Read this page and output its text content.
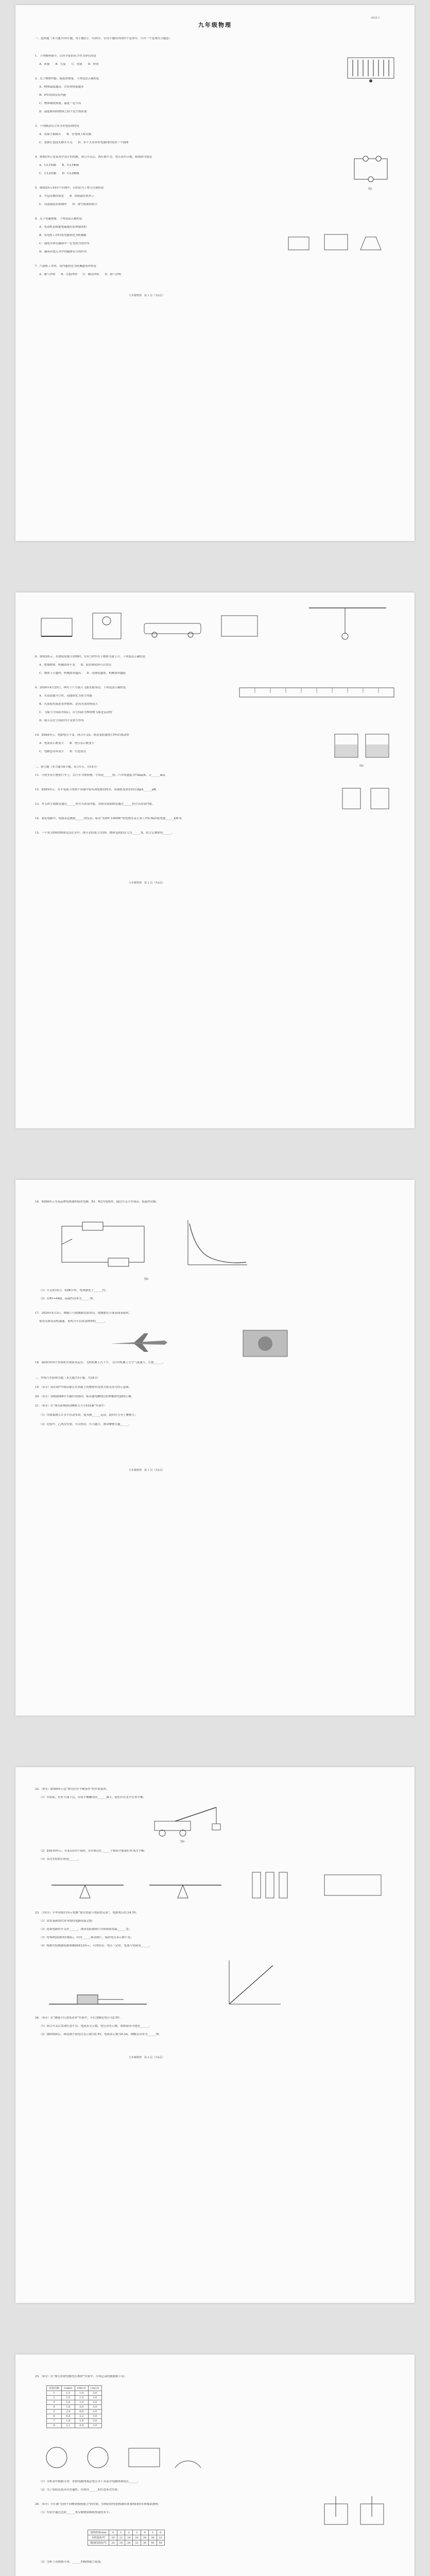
2025.1
九年级物理
一、选择题（本大题共10小题，每小题2分，共20分。在每小题给出的四个选项中，只有一个选项符合题意）
1．下列物理量中，以科学家的名字作为单位的是
A．质量　　B．长度　　C．电流　　D．时间
2．关于物体内能、温度和热量，下列说法正确的是
A．物体温度越高，含有的热量越多
B．0℃的冰没有内能
C．物体吸收热量，温度一定升高
D．温度相同的物体之间不发生热传递
3．下列做法符合安全用电原则的是
A．用湿手拔插头　　B．在电线上晾衣服
C．更换灯泡前先断开开关　　D．多个大功率用电器同时使用一个插座
4．如图1所示是某同学设计的电路，闭合开关后，两灯都不亮，电压表有示数，则故障可能是
A．灯L1短路　　B．灯L1断路
C．灯L2短路　　D．灯L2断路
5．如图2所示的四个实例中，目的是为了增大压强的是
A．书包带做得很宽　　B．铁轨铺在枕木上
C．切蛋器装有细钢丝　　D．滑雪板面积较大
6．关于电磁现象，下列说法正确的是
A．电动机是根据电磁感应原理制成的
B．发电机工作时将电能转化为机械能
C．通电导体在磁场中一定受到力的作用
D．磁场对放入其中的磁体有力的作用
7．汽油机工作时，将内能转化为机械能的冲程是
A．吸气冲程　　B．压缩冲程　　C．做功冲程　　D．排气冲程
图1
九年级物理　第 1 页（共6页）
8．如图3所示，用滑轮组提升重物时，在拉力F作用下物体匀速上升，下列说法正确的是
A．增加物重，机械效率不变　　B．使用滑轮组可以省功
C．物体上升越快，机械效率越高　　D．动滑轮越重，机械效率越低
9．2024年4月25日，神舟十八号载人飞船发射成功，下列说法正确的是
A．火箭加速升空时，动能转化为重力势能
B．火箭使用液态氢作燃料，是因为氢的热值大
C．飞船与空间站对接后，以空间站为参照物飞船是运动的
D．航天员在空间站内不受重力作用
10．如图4所示，电源电压不变，闭合开关S，滑动变阻器滑片P向右移动时
A．电流表示数变大　　B．电压表示数变小
C．电路总功率变小　　D．灯泡变亮
二、填空题（本大题共6小题，每空1分，共14分）
11．小明坐在行驶的汽车上，以汽车为参照物，小明是______的；汽车的速度为72km/h，合______m/s。
12．如图5所示，水平桌面上的两个容器中装有深度相同的水，容器底受到水的压强pA______pB。
13．冬天搓手取暖是通过______的方式改变内能，用热水袋取暖是通过______的方式改变内能。
14．家庭电路中，电能表是测量______的仪表，标有“220V 1000W”的电热水壶正常工作0.5h消耗电能______kW·h。
15．一个重为5N的物体浸没在水中，排开水的重力为3N，物体受到的浮力为______N，松手后物体将______。
图5
九年级物理　第 2 页（共6页）
16．如图6所示为某品牌电热器的简化电路，R1、R2为电热丝，通过开关可实现高、低温挡切换。
图6
（1）开关S1闭合、S2断开时，电热器处于______挡；
（2）若R1=44Ω，高温挡功率为______W。
17．2024年5月3日，嫦娥六号探测器发射成功，探测器在月球表面着陆时，
使用反推发动机减速，说明力可以改变物体的______。
18．我国C919大型客机实现商业运营，飞机机翼上凸下平，飞行时机翼上方空气流速大，压强______。
三、作图与实验探究题（本大题共5小题，共34分）
19．（2分）请在图7中画出静止在斜面上的物体所受重力和支持力的示意图。
20．（2分）请根据图8中小磁针的指向，标出通电螺线管的N极和电源的正极。
21．（6分）在“探究影响滑动摩擦力大小的因素”实验中：
（1）用弹簧测力计水平拉动木块，使其做______运动，此时拉力等于摩擦力；
（2）比较甲、乙两次实验，可以得出：压力越大，滑动摩擦力越______。
九年级物理　第 3 页（共6页）
22．（8分）如图9所示是“探究杠杆平衡条件”的实验装置。
（1）实验前，杠杆左端下沉，应将平衡螺母向______调节，使杠杆在水平位置平衡；
图9
（2）如图10所示，在A点挂3个钩码，应在B点挂______个钩码才能使杠杆再次平衡；
（3）多次实验的目的是______。
23．（10分）小华用图11所示电路“探究电流与电阻的关系”，电源电压恒为4.5V。
（1）请用笔画线代替导线将电路连接完整；
（2）连接电路时开关应______，滑动变阻器滑片应移到阻值最______处；
（3）将5Ω电阻换成10Ω后，应向______移动滑片，保持电压表示数不变；
（4）根据实验数据绘制图像如图12所示，可得结论：电压一定时，电流与电阻成______。
24．（6分）在“测量小灯泡电功率”实验中，小灯泡额定电压为2.5V。
（1）闭合开关后发现灯泡不亮，电流表无示数，电压表有示数，故障原因可能是______；
（2）排除故障后，移动滑片使电压表示数为2.5V，电流表示数为0.3A，则额定功率为______W。
九年级物理　第 4 页（共6页）
25．（6分）在“探究串联电路电压规律”实验中，小明记录的数据如下表：
实验次数	UAB/V	UBC/V	UAC/V
1	1.2	1.8	3.0
2	1.5	1.5	3.0
3	2.0	1.0	3.0
4	1.0	2.0	3.0
5	2.4	0.6	3.0
6	0.8	2.2	3.0
7	1.6	1.4	3.0
8	2.2	0.8	3.0
（1）分析表中数据可得：串联电路两端总电压等于各部分电路两端电压______；
（2）为了使结论更具有普遍性，应换用______的灯泡多次实验。
26．（6分）小红做“比较不同物质吸热能力”的实验，用相同的电加热器给质量相同的水和煤油加热：
（1）实验中通过比较______来反映物质吸收热量的多少；
加热时间/min	0	1	2	3	4	5	6
水的温度/℃	20	22	24	26	28	30	32
煤油的温度/℃	20	24	28	32	36	40	44
（2）分析下表数据可知，______的吸热能力更强。
